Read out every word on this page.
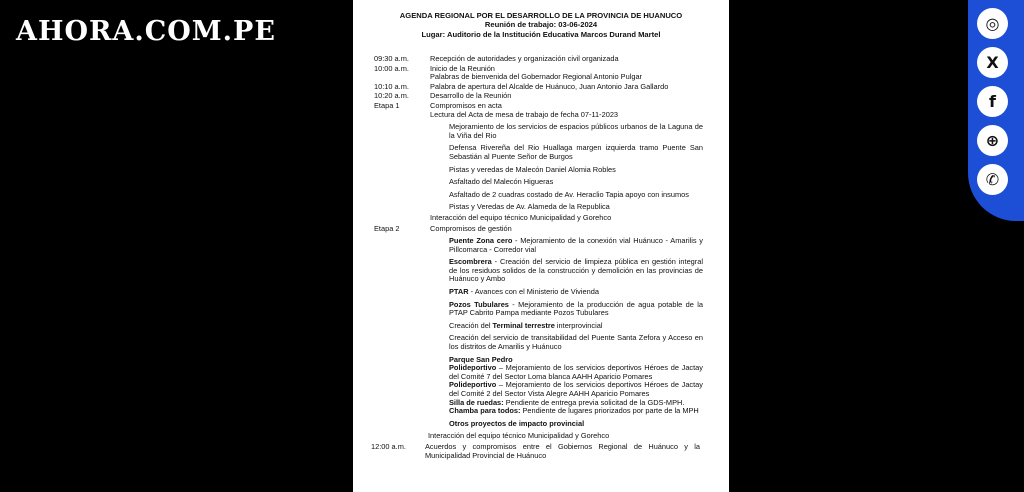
AHORA.COM.PE
AGENDA REGIONAL POR EL DESARROLLO DE LA PROVINCIA DE HUANUCO
Reunión de trabajo: 03-06-2024
Lugar: Auditorio de la Institución Educativa Marcos Durand Martel
09:30 a.m.	Recepción de autoridades y organización civil organizada
10:00 a.m.	Inicio de la Reunión
Palabras de bienvenida del Gobernador Regional Antonio Pulgar
10:10 a.m.	Palabra de apertura del Alcalde de Huánuco, Juan Antonio Jara Gallardo
10:20 a.m.	Desarrollo de la Reunión
Etapa 1	Compromisos en acta
Lectura del Acta de mesa de trabajo de fecha 07-11-2023
Mejoramiento de los servicios de espacios públicos urbanos de la Laguna de la Viña del Rio
Defensa Rivereña del Rio Huallaga margen izquierda tramo Puente San Sebastián al Puente Señor de Burgos
Pistas y veredas de Malecón Daniel Alomia Robles
Asfaltado del Malecón Higueras
Asfaltado de 2 cuadras costado de Av. Heraclio Tapia apoyo con insumos
Pistas y Veredas de Av. Alameda de la Republica
Interacción del equipo técnico Municipalidad y Gorehco
Etapa 2	Compromisos de gestión
Puente Zona cero - Mejoramiento de la conexión vial Huánuco - Amarilis y Pillcomarca - Corredor vial
Escombrera - Creación del servicio de limpieza pública en gestión integral de los residuos solidos de la construcción y demolición en las provincias de Huánuco y Ambo
PTAR - Avances con el Ministerio de Vivienda
Pozos Tubulares - Mejoramiento de la producción de agua potable de la PTAP Cabrito Pampa mediante Pozos Tubulares
Creación del Terminal terrestre interprovincial
Creación del servicio de transitabilidad del Puente Santa Zefora y Acceso en los distritos de Amarilis y Huánuco
Parque San Pedro
Polideportivo – Mejoramiento de los servicios deportivos Héroes de Jactay del Comité 7 del Sector Loma blanca AAHH Aparicio Pomares
Polideportivo – Mejoramiento de los servicios deportivos Héroes de Jactay del Comité 2 del Sector Vista Alegre AAHH Aparicio Pomares
Silla de ruedas: Pendiente de entrega previa solicitad de la GDS-MPH.
Chamba para todos: Pendiente de lugares priorizados por parte de la MPH
Otros proyectos de impacto provincial
Interacción del equipo técnico Municipalidad y Gorehco
12:00 a.m.	Acuerdos y compromisos entre el Gobiernos Regional de Huánuco y la Municipalidad Provincial de Huánuco
◎
X
f
⊕
✆
